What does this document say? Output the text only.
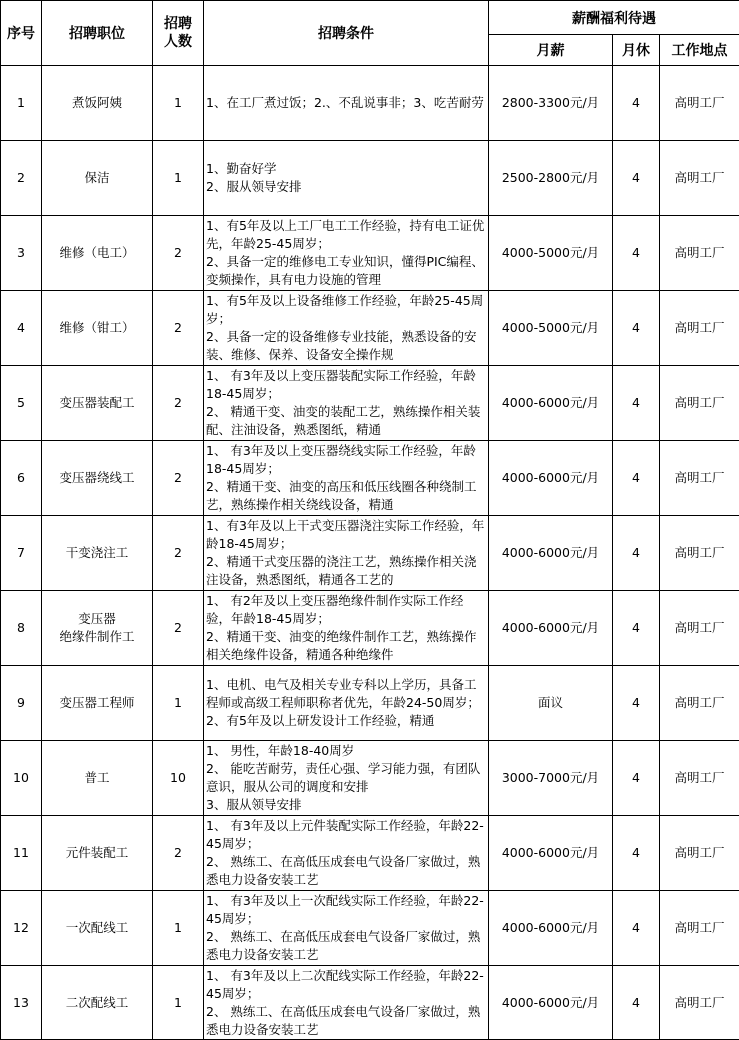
序号	招聘职位	招聘
人数	招聘条件	薪酬福利待遇		
				月薪	月休	工作地点
1	煮饭阿姨	1	1、在工厂煮过饭；2.、不乱说事非；3、吃苦耐劳	2800-3300元/月	4	高明工厂
2	保洁	1	1、勤奋好学
2、服从领导安排	2500-2800元/月	4	高明工厂
3	维修（电工）	2	1、有5年及以上工厂电工工作经验，持有电工证优先，年龄25-45周岁；
2、具备一定的维修电工专业知识，懂得PIC编程、变频操作，具有电力设施的管理	4000-5000元/月	4	高明工厂
4	维修（钳工）	2	1、有5年及以上设备维修工作经验，年龄25-45周岁；
2、具备一定的设备维修专业技能，熟悉设备的安装、维修、保养、设备安全操作规	4000-5000元/月	4	高明工厂
5	变压器装配工	2	1、 有3年及以上变压器装配实际工作经验，年龄18-45周岁；
2、 精通干变、油变的装配工艺，熟练操作相关装配、注油设备，熟悉图纸，精通	4000-6000元/月	4	高明工厂
6	变压器绕线工	2	1、 有3年及以上变压器绕线实际工作经验，年龄18-45周岁；
2、精通干变、油变的高压和低压线圈各种绕制工艺，熟练操作相关绕线设备，精通	4000-6000元/月	4	高明工厂
7	干变浇注工	2	1、有3年及以上干式变压器浇注实际工作经验，年龄18-45周岁；
2、精通干式变压器的浇注工艺，熟练操作相关浇注设备，熟悉图纸，精通各工艺的	4000-6000元/月	4	高明工厂
8	变压器
绝缘件制作工	2	1、 有2年及以上变压器绝缘件制作实际工作经验，年龄18-45周岁；
2、精通干变、油变的绝缘件制作工艺，熟练操作相关绝缘件设备，精通各种绝缘件	4000-6000元/月	4	高明工厂
9	变压器工程师	1	1、电机、电气及相关专业专科以上学历，具备工程师或高级工程师职称者优先，年龄24-50周岁；
2、有5年及以上研发设计工作经验，精通	面议	4	高明工厂
10	普工	10	1、 男性，年龄18-40周岁
2、 能吃苦耐劳，责任心强、学习能力强，有团队意识，服从公司的调度和安排
3、服从领导安排	3000-7000元/月	4	高明工厂
11	元件装配工	2	1、 有3年及以上元件装配实际工作经验，年龄22-45周岁；
2、 熟练工、在高低压成套电气设备厂家做过，熟悉电力设备安装工艺	4000-6000元/月	4	高明工厂
12	一次配线工	1	1、 有3年及以上一次配线实际工作经验，年龄22-45周岁；
2、 熟练工、在高低压成套电气设备厂家做过，熟悉电力设备安装工艺	4000-6000元/月	4	高明工厂
13	二次配线工	1	1、 有3年及以上二次配线实际工作经验，年龄22-45周岁；
2、 熟练工、在高低压成套电气设备厂家做过，熟悉电力设备安装工艺	4000-6000元/月	4	高明工厂
